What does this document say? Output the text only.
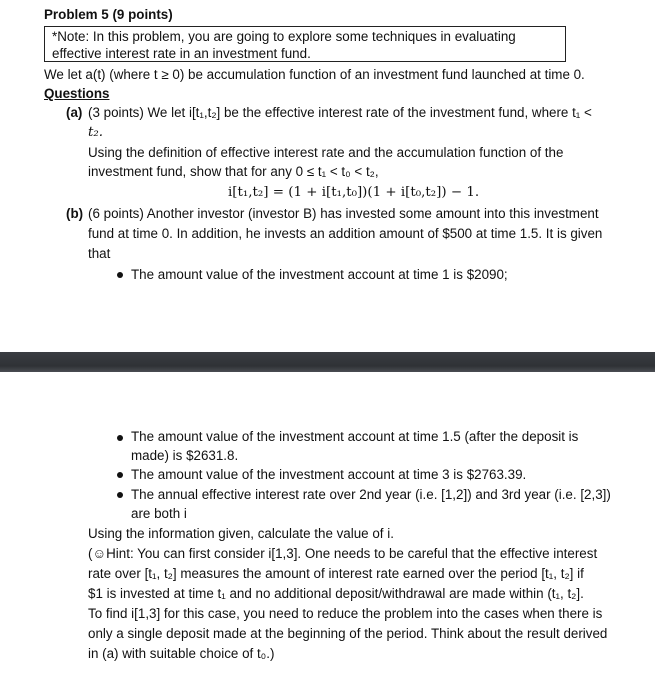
Problem 5 (9 points)
*Note: In this problem, you are going to explore some techniques in evaluating
effective interest rate in an investment fund.
We let a(t) (where t ≥ 0) be accumulation function of an investment fund launched at time 0.
Questions
(a) (3 points) We let i[t₁,t₂] be the effective interest rate of the investment fund, where t₁ <
t₂.
Using the definition of effective interest rate and the accumulation function of the
investment fund, show that for any 0 ≤ t₁ < t₀ < t₂,
i[t₁,t₂] = (1 + i[t₁,t₀])(1 + i[t₀,t₂]) − 1.
(b) (6 points) Another investor (investor B) has invested some amount into this investment
fund at time 0. In addition, he invests an addition amount of $500 at time 1.5. It is given
that
The amount value of the investment account at time 1 is $2090;
The amount value of the investment account at time 1.5 (after the deposit is
made) is $2631.8.
The amount value of the investment account at time 3 is $2763.39.
The annual effective interest rate over 2nd year (i.e. [1,2]) and 3rd year (i.e. [2,3])
are both i
Using the information given, calculate the value of i.
(☺Hint: You can first consider i[1,3]. One needs to be careful that the effective interest
rate over [t₁, t₂] measures the amount of interest rate earned over the period [t₁, t₂] if
$1 is invested at time t₁ and no additional deposit/withdrawal are made within (t₁, t₂].
To find i[1,3] for this case, you need to reduce the problem into the cases when there is
only a single deposit made at the beginning of the period. Think about the result derived
in (a) with suitable choice of t₀.)
